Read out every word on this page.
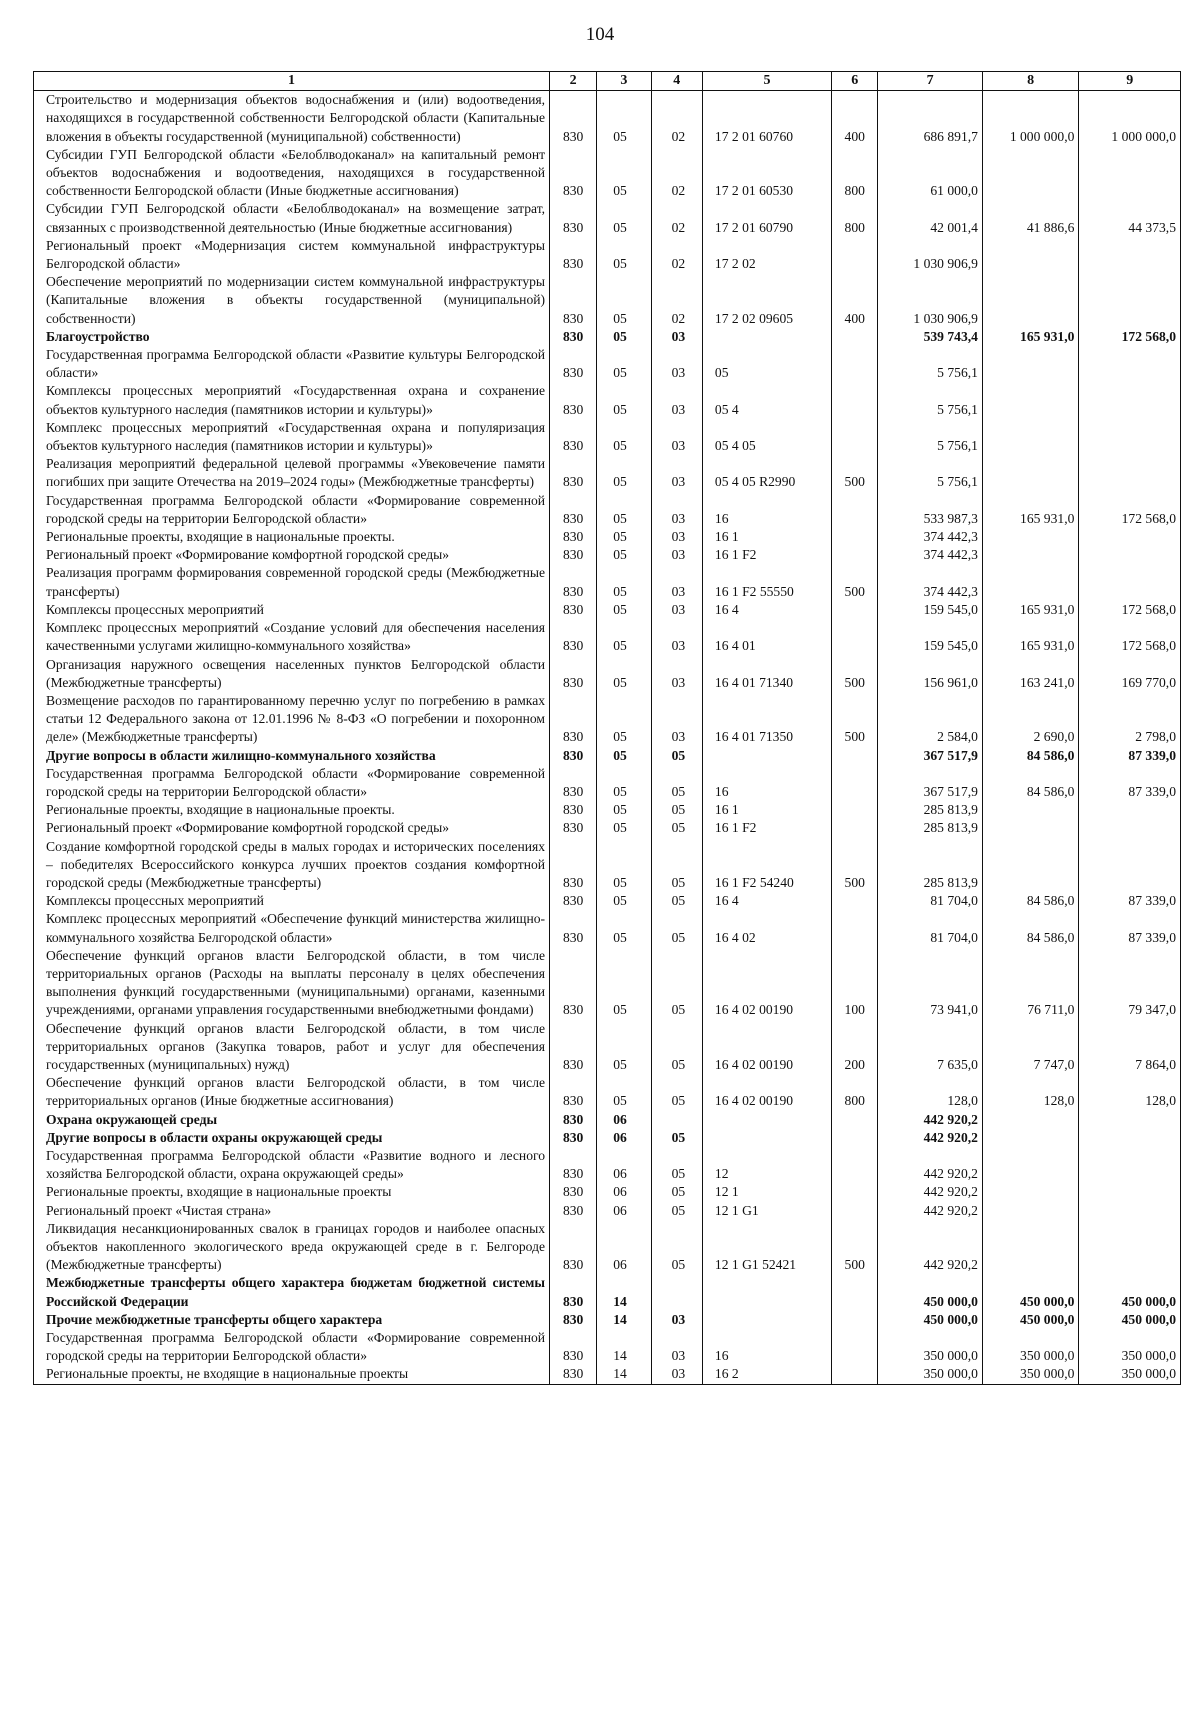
104
1	2	3	4	5	6	7	8	9
Строительство и модернизация объектов водоснабжения и (или) водоотведения, находящихся в государственной собственности Белгородской области (Капитальные вложения в объекты государственной (муниципальной) собственности)	830	05	02	17 2 01 60760	400	686 891,7	1 000 000,0	1 000 000,0
Субсидии ГУП Белгородской области «Белоблводоканал» на капитальный ремонт объектов водоснабжения и водоотведения, находящихся в государственной собственности Белгородской области (Иные бюджетные ассигнования)	830	05	02	17 2 01 60530	800	61 000,0		
Субсидии ГУП Белгородской области «Белоблводоканал» на возмещение затрат, связанных с производственной деятельностью (Иные бюджетные ассигнования)	830	05	02	17 2 01 60790	800	42 001,4	41 886,6	44 373,5
Региональный проект «Модернизация систем коммунальной инфраструктуры Белгородской области»	830	05	02	17 2 02		1 030 906,9		
Обеспечение мероприятий по модернизации систем коммунальной инфраструктуры (Капитальные вложения в объекты государственной (муниципальной) собственности)	830	05	02	17 2 02 09605	400	1 030 906,9		
Благоустройство	830	05	03			539 743,4	165 931,0	172 568,0
Государственная программа Белгородской области «Развитие культуры Белгородской области»	830	05	03	05		5 756,1		
Комплексы процессных мероприятий «Государственная охрана и сохранение объектов культурного наследия (памятников истории и культуры)»	830	05	03	05 4		5 756,1		
Комплекс процессных мероприятий «Государственная охрана и популяризация объектов культурного наследия (памятников истории и культуры)»	830	05	03	05 4 05		5 756,1		
Реализация мероприятий федеральной целевой программы «Увековечение памяти погибших при защите Отечества на 2019–2024 годы» (Межбюджетные трансферты)	830	05	03	05 4 05 R2990	500	5 756,1		
Государственная программа Белгородской области «Формирование современной городской среды на территории Белгородской области»	830	05	03	16		533 987,3	165 931,0	172 568,0
Региональные проекты, входящие в национальные проекты.	830	05	03	16 1		374 442,3		
Региональный проект «Формирование комфортной городской среды»	830	05	03	16 1 F2		374 442,3		
Реализация программ формирования современной городской среды (Межбюджетные трансферты)	830	05	03	16 1 F2 55550	500	374 442,3		
Комплексы процессных мероприятий	830	05	03	16 4		159 545,0	165 931,0	172 568,0
Комплекс процессных мероприятий «Создание условий для обеспечения населения качественными услугами жилищно-коммунального хозяйства»	830	05	03	16 4 01		159 545,0	165 931,0	172 568,0
Организация наружного освещения населенных пунктов Белгородской области (Межбюджетные трансферты)	830	05	03	16 4 01 71340	500	156 961,0	163 241,0	169 770,0
Возмещение расходов по гарантированному перечню услуг по погребению в рамках статьи 12 Федерального закона от 12.01.1996 № 8-ФЗ «О погребении и похоронном деле» (Межбюджетные трансферты)	830	05	03	16 4 01 71350	500	2 584,0	2 690,0	2 798,0
Другие вопросы в области жилищно-коммунального хозяйства	830	05	05			367 517,9	84 586,0	87 339,0
Государственная программа Белгородской области «Формирование современной городской среды на территории Белгородской области»	830	05	05	16		367 517,9	84 586,0	87 339,0
Региональные проекты, входящие в национальные проекты.	830	05	05	16 1		285 813,9		
Региональный проект «Формирование комфортной городской среды»	830	05	05	16 1 F2		285 813,9		
Создание комфортной городской среды в малых городах и исторических поселениях – победителях Всероссийского конкурса лучших проектов создания комфортной городской среды (Межбюджетные трансферты)	830	05	05	16 1 F2 54240	500	285 813,9		
Комплексы процессных мероприятий	830	05	05	16 4		81 704,0	84 586,0	87 339,0
Комплекс процессных мероприятий «Обеспечение функций министерства жилищно-коммунального хозяйства Белгородской области»	830	05	05	16 4 02		81 704,0	84 586,0	87 339,0
Обеспечение функций органов власти Белгородской области, в том числе территориальных органов (Расходы на выплаты персоналу в целях обеспечения выполнения функций государственными (муниципальными) органами, казенными учреждениями, органами управления государственными внебюджетными фондами)	830	05	05	16 4 02 00190	100	73 941,0	76 711,0	79 347,0
Обеспечение функций органов власти Белгородской области, в том числе территориальных органов (Закупка товаров, работ и услуг для обеспечения государственных (муниципальных) нужд)	830	05	05	16 4 02 00190	200	7 635,0	7 747,0	7 864,0
Обеспечение функций органов власти Белгородской области, в том числе территориальных органов (Иные бюджетные ассигнования)	830	05	05	16 4 02 00190	800	128,0	128,0	128,0
Охрана окружающей среды	830	06				442 920,2		
Другие вопросы в области охраны окружающей среды	830	06	05			442 920,2		
Государственная программа Белгородской области «Развитие водного и лесного хозяйства Белгородской области, охрана окружающей среды»	830	06	05	12		442 920,2		
Региональные проекты, входящие в национальные проекты	830	06	05	12 1		442 920,2		
Региональный проект «Чистая страна»	830	06	05	12 1 G1		442 920,2		
Ликвидация несанкционированных свалок в границах городов и наиболее опасных объектов накопленного экологического вреда окружающей среде в г. Белгороде (Межбюджетные трансферты)	830	06	05	12 1 G1 52421	500	442 920,2		
Межбюджетные трансферты общего характера бюджетам бюджетной системы Российской Федерации	830	14				450 000,0	450 000,0	450 000,0
Прочие межбюджетные трансферты общего характера	830	14	03			450 000,0	450 000,0	450 000,0
Государственная программа Белгородской области «Формирование современной городской среды на территории Белгородской области»	830	14	03	16		350 000,0	350 000,0	350 000,0
Региональные проекты, не входящие в национальные проекты	830	14	03	16 2		350 000,0	350 000,0	350 000,0
